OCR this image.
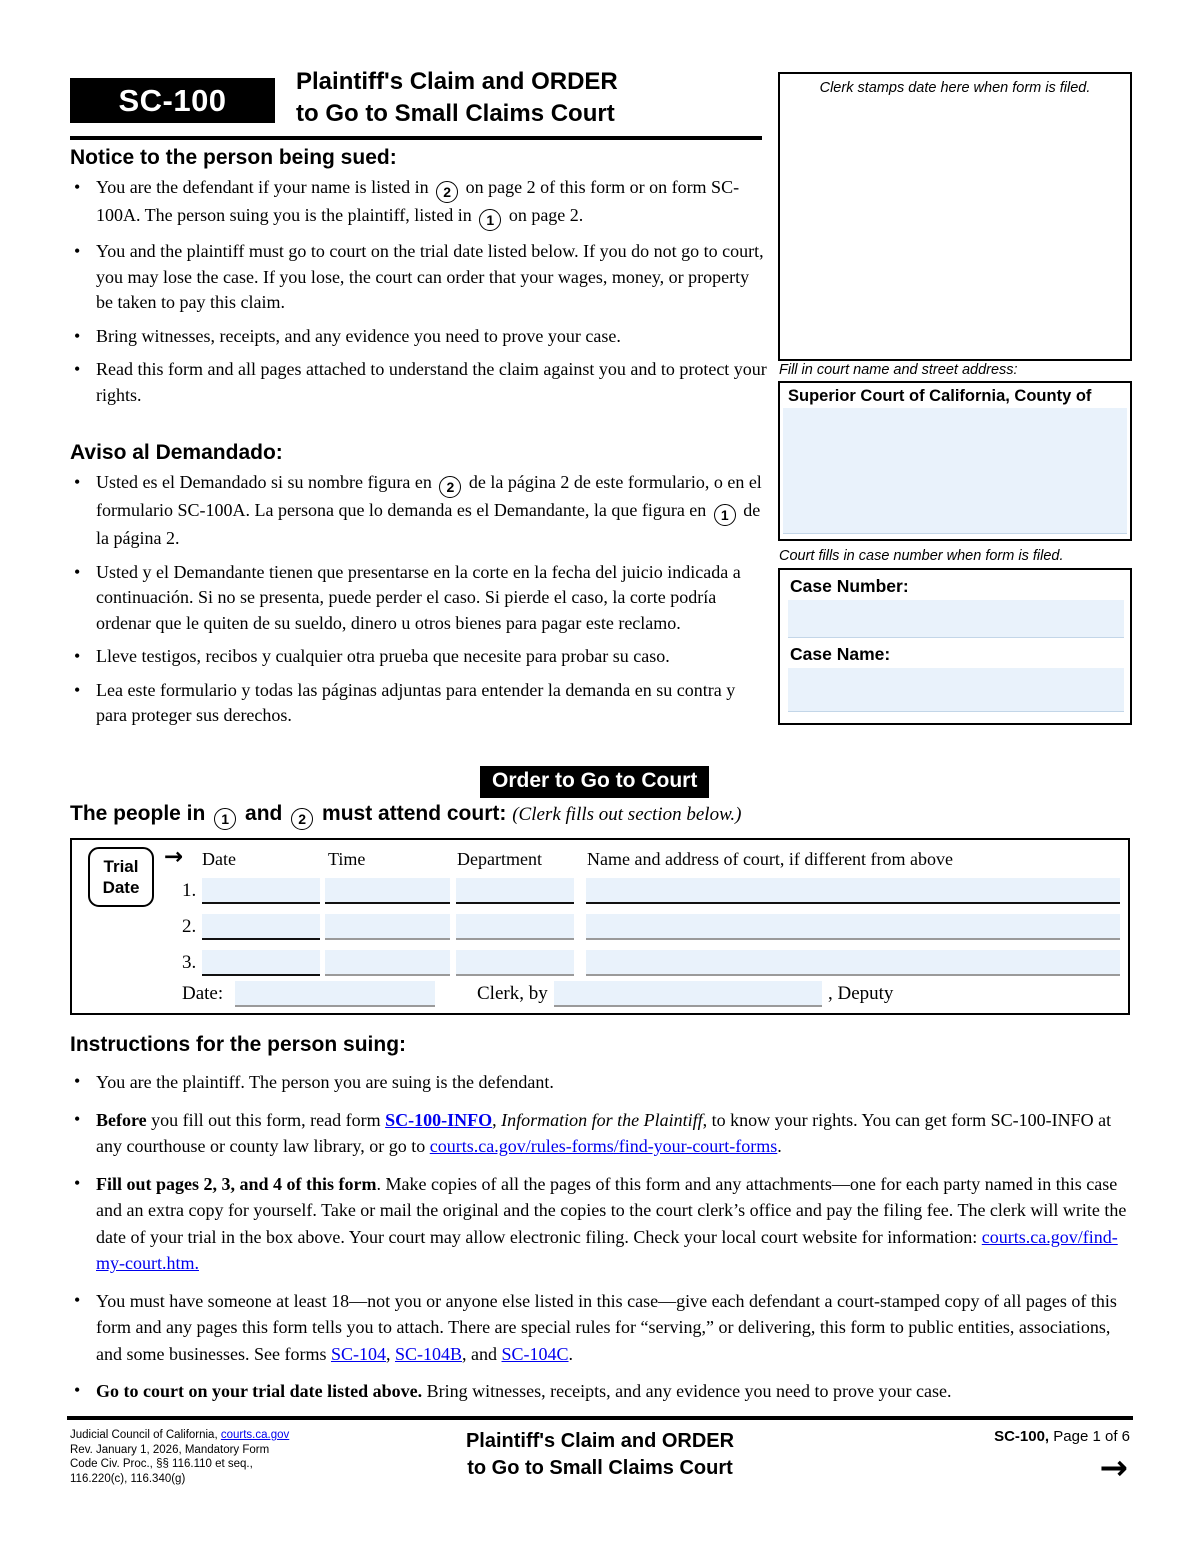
SC-100
Plaintiff's Claim and ORDER
to Go to Small Claims Court
Clerk stamps date here when form is filed.
Fill in court name and street address:
Superior Court of California, County of
Court fills in case number when form is filed.
Case Number:
Case Name:
Notice to the person being sued:
• You are the defendant if your name is listed in 2 on page 2 of this form or on form SC-100A. The person suing you is the plaintiff, listed in 1 on page 2.
• You and the plaintiff must go to court on the trial date listed below. If you do not go to court, you may lose the case. If you lose, the court can order that your wages, money, or property be taken to pay this claim.
• Bring witnesses, receipts, and any evidence you need to prove your case.
• Read this form and all pages attached to understand the claim against you and to protect your rights.
Aviso al Demandado:
• Usted es el Demandado si su nombre figura en 2 de la página 2 de este formulario, o en el formulario SC-100A. La persona que lo demanda es el Demandante, la que figura en 1 de la página 2.
• Usted y el Demandante tienen que presentarse en la corte en la fecha del juicio indicada a continuación. Si no se presenta, puede perder el caso. Si pierde el caso, la corte podría ordenar que le quiten de su sueldo, dinero u otros bienes para pagar este reclamo.
• Lleve testigos, recibos y cualquier otra prueba que necesite para probar su caso.
• Lea este formulario y todas las páginas adjuntas para entender la demanda en su contra y para proteger sus derechos.
Order to Go to Court
The people in 1 and 2 must attend court: (Clerk fills out section below.)
Trial
Date
→ Date	Time	Department	Name and address of court, if different from above
1.
2.
3.
Date:	Clerk, by	, Deputy
Instructions for the person suing:
• You are the plaintiff. The person you are suing is the defendant.
• Before you fill out this form, read form SC-100-INFO, Information for the Plaintiff, to know your rights. You can get form SC-100-INFO at any courthouse or county law library, or go to courts.ca.gov/rules-forms/find-your-court-forms.
• Fill out pages 2, 3, and 4 of this form. Make copies of all the pages of this form and any attachments—one for each party named in this case and an extra copy for yourself. Take or mail the original and the copies to the court clerk’s office and pay the filing fee. The clerk will write the date of your trial in the box above. Your court may allow electronic filing. Check your local court website for information: courts.ca.gov/find-my-court.htm.
• You must have someone at least 18—not you or anyone else listed in this case—give each defendant a court-stamped copy of all pages of this form and any pages this form tells you to attach. There are special rules for “serving,” or delivering, this form to public entities, associations, and some businesses. See forms SC-104, SC-104B, and SC-104C.
• Go to court on your trial date listed above. Bring witnesses, receipts, and any evidence you need to prove your case.
Judicial Council of California, courts.ca.gov
Rev. January 1, 2026, Mandatory Form
Code Civ. Proc., §§ 116.110 et seq.,
116.220(c), 116.340(g)
Plaintiff's Claim and ORDER
to Go to Small Claims Court
SC-100, Page 1 of 6
→
